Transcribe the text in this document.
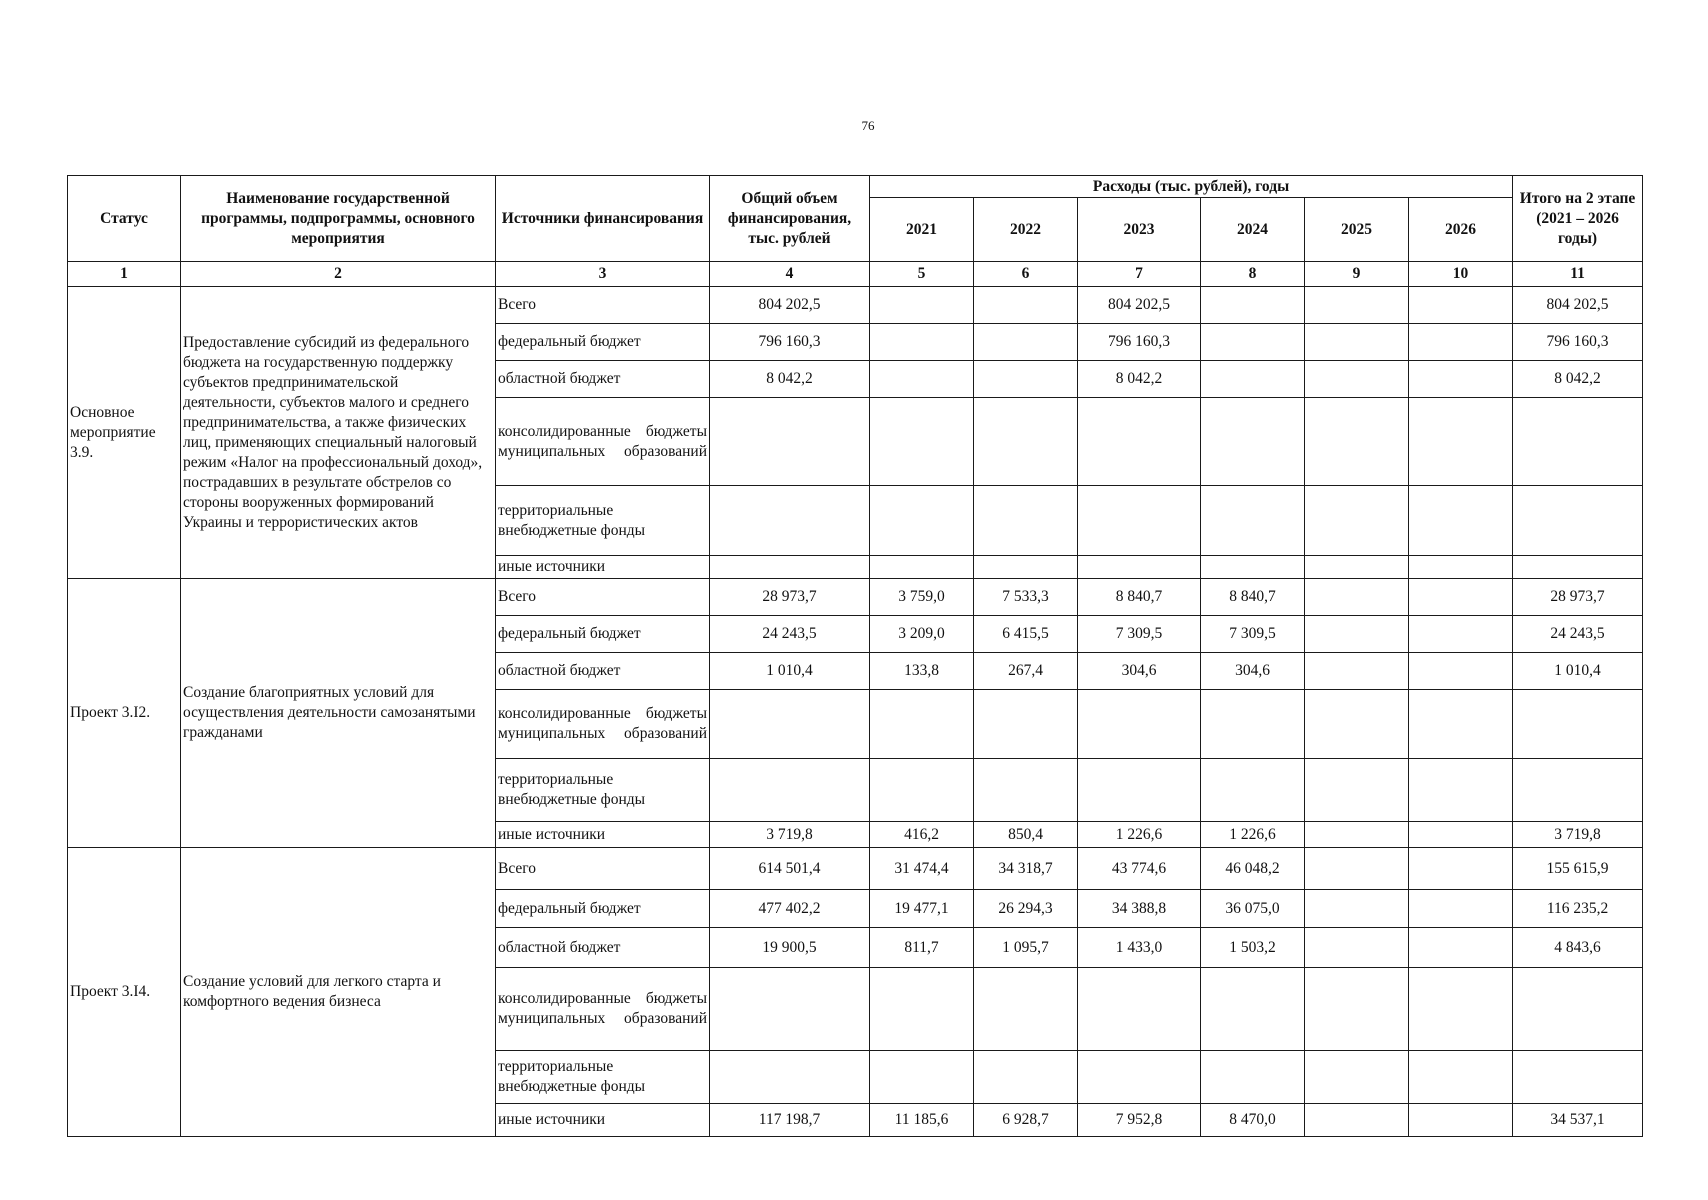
76
Статус	Наименование государственной программы, подпрограммы, основного мероприятия	Источники финансирования	Общий объем финансирования, тыс. рублей	Расходы (тыс. рублей), годы						Итого на 2 этапе (2021 – 2026 годы)
				2021	2022	2023	2024	2025	2026	
1	2	3	4	5	6	7	8	9	10	11
Основное мероприятие 3.9.	Предоставление субсидий из федерального бюджета на государственную поддержку субъектов предпринимательской деятельности, субъектов малого и среднего предпринимательства, а также физических лиц, применяющих специальный налоговый режим «Налог на профессиональный доход», пострадавших в результате обстрелов со стороны вооруженных формирований Украины и террористических актов	Всего	804 202,5			804 202,5				804 202,5
		федеральный бюджет	796 160,3			796 160,3				796 160,3
		областной бюджет	8 042,2			8 042,2				8 042,2

		консолидированные бюджеты муниципальных образований								

		территориальные внебюджетные фонды								
		иные источники								
Проект 3.I2.	Создание благоприятных условий для осуществления деятельности самозанятыми гражданами	Всего	28 973,7	3 759,0	7 533,3	8 840,7	8 840,7			28 973,7
		федеральный бюджет	24 243,5	3 209,0	6 415,5	7 309,5	7 309,5			24 243,5
		областной бюджет	1 010,4	133,8	267,4	304,6	304,6			1 010,4

		консолидированные бюджеты муниципальных образований								

		территориальные внебюджетные фонды								
		иные источники	3 719,8	416,2	850,4	1 226,6	1 226,6			3 719,8
Проект 3.I4.	Создание условий для легкого старта и комфортного ведения бизнеса	Всего	614 501,4	31 474,4	34 318,7	43 774,6	46 048,2			155 615,9
		федеральный бюджет	477 402,2	19 477,1	26 294,3	34 388,8	36 075,0			116 235,2
		областной бюджет	19 900,5	811,7	1 095,7	1 433,0	1 503,2			4 843,6

		консолидированные бюджеты муниципальных образований								

		территориальные внебюджетные фонды								
		иные источники	117 198,7	11 185,6	6 928,7	7 952,8	8 470,0			34 537,1
